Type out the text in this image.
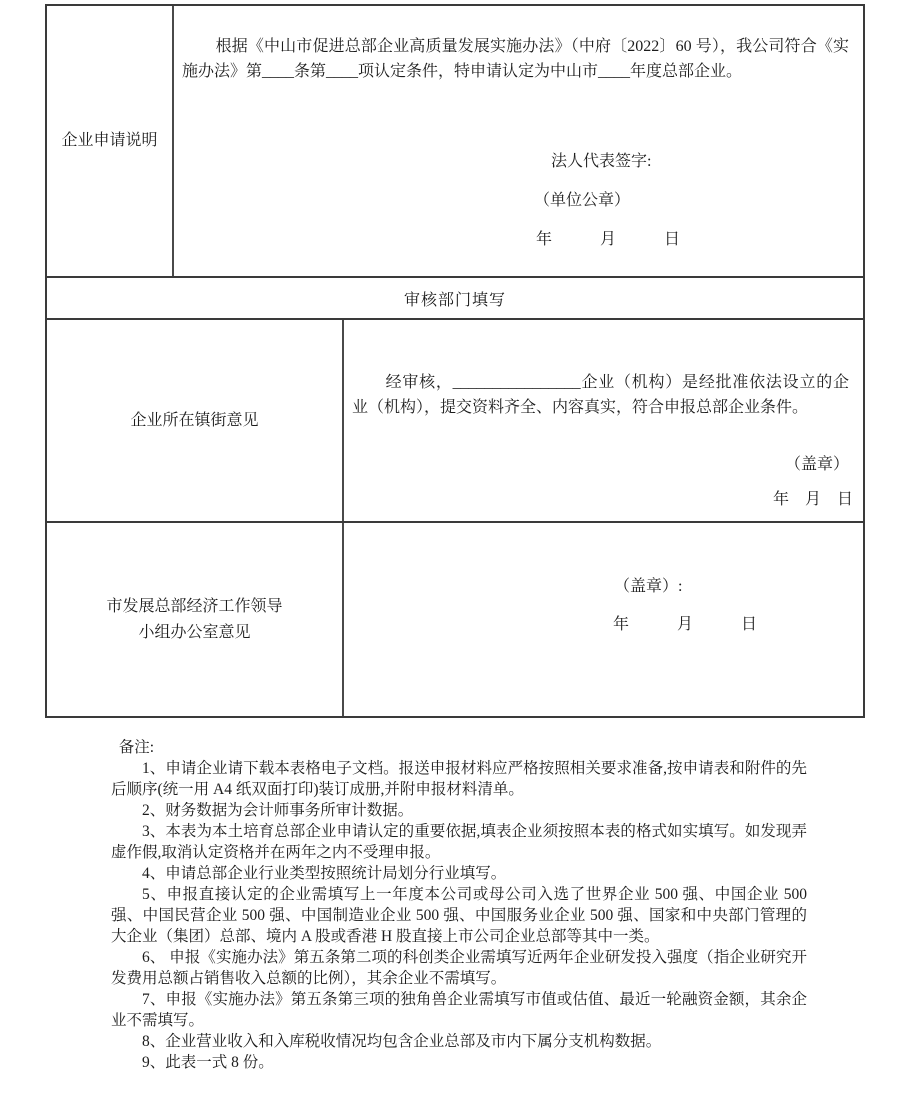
企业申请说明

根据《中山市促进总部企业高质量发展实施办法》（中府〔2022〕60 号），我公司符合《实施办法》第____条第____项认定条件，特申请认定为中山市____年度总部企业。

法人代表签字:
（单位公章）
年　　　月　　　日
审核部门填写
企业所在镇街意见

经审核，________________企业（机构）是经批准依法设立的企业（机构），提交资料齐全、内容真实，符合申报总部企业条件。

（盖章）
年　月　日
市发展总部经济工作领导
小组办公室意见
（盖章）:
年　　　月　　　日
备注:

1、申请企业请下载本表格电子文档。报送申报材料应严格按照相关要求准备,按申请表和附件的先后顺序(统一用 A4 纸双面打印)装订成册,并附申报材料清单。

2、财务数据为会计师事务所审计数据。

3、本表为本土培育总部企业申请认定的重要依据,填表企业须按照本表的格式如实填写。如发现弄虚作假,取消认定资格并在两年之内不受理申报。

4、申请总部企业行业类型按照统计局划分行业填写。

5、申报直接认定的企业需填写上一年度本公司或母公司入选了世界企业 500 强、中国企业 500 强、中国民营企业 500 强、中国制造业企业 500 强、中国服务业企业 500 强、国家和中央部门管理的大企业（集团）总部、境内 A 股或香港 H 股直接上市公司企业总部等其中一类。

6、 申报《实施办法》第五条第二项的科创类企业需填写近两年企业研发投入强度（指企业研究开发费用总额占销售收入总额的比例），其余企业不需填写。

7、申报《实施办法》第五条第三项的独角兽企业需填写市值或估值、最近一轮融资金额，其余企业不需填写。

8、企业营业收入和入库税收情况均包含企业总部及市内下属分支机构数据。

9、此表一式 8 份。
